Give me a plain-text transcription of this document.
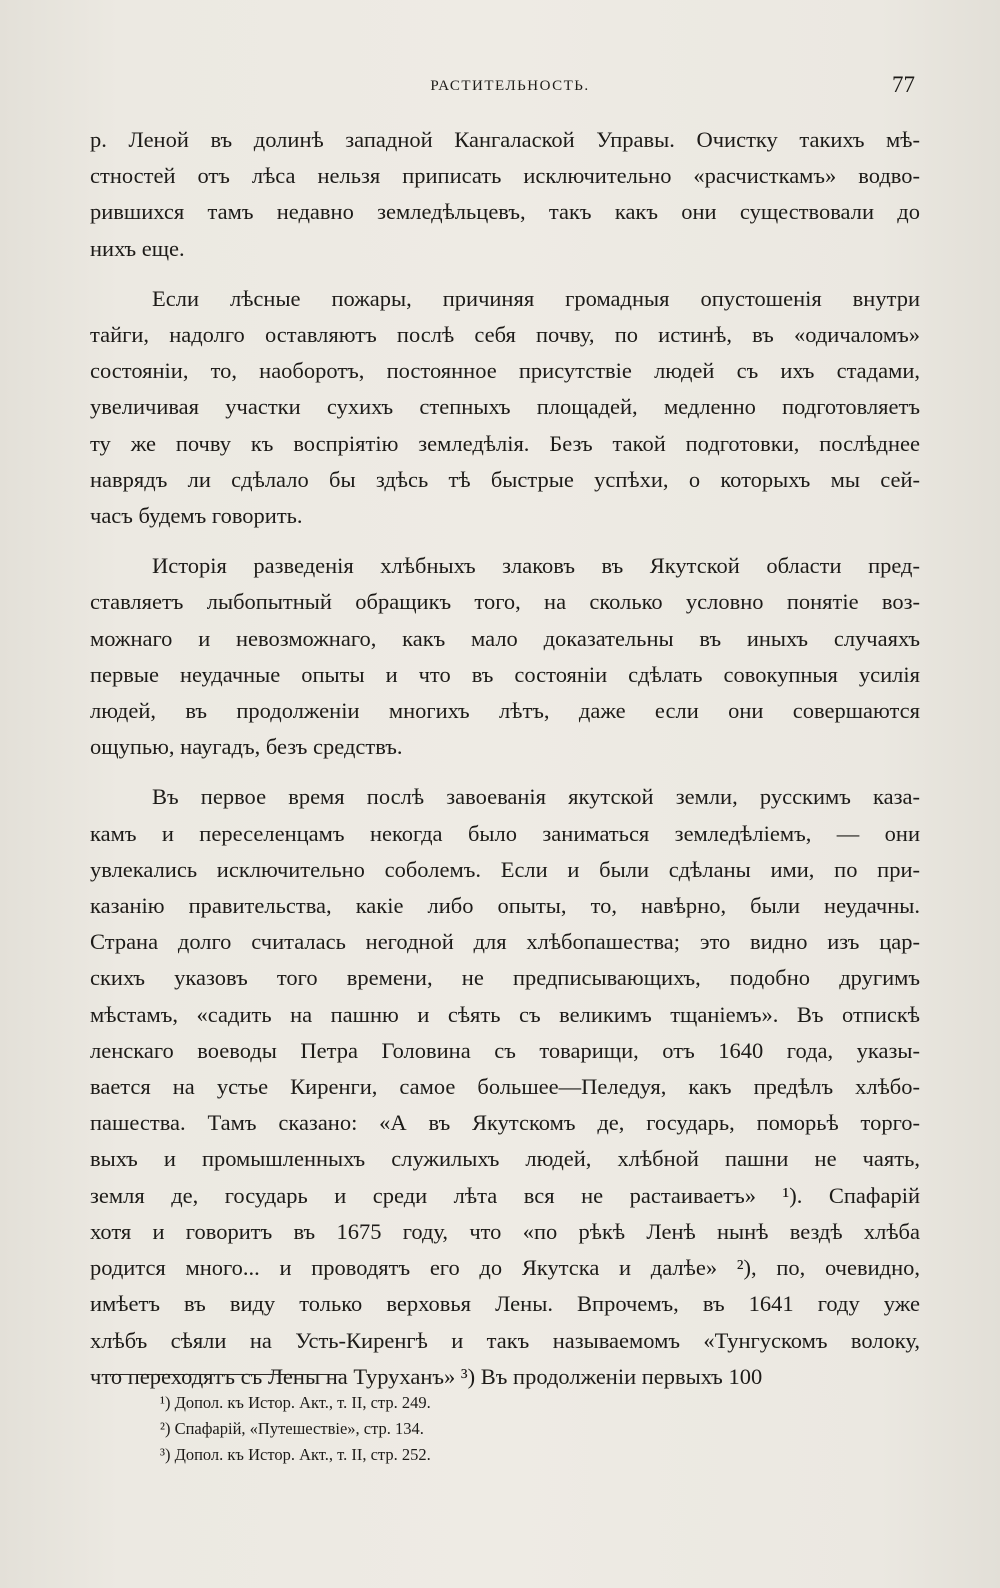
РАСТИТЕЛЬНОСТЬ.	77
р. Леной въ долинѣ западной Кангалаской Управы. Очистку такихъ мѣ-
стностей отъ лѣса нельзя приписать исключительно «расчисткамъ» водво-
рившихся тамъ недавно земледѣльцевъ, такъ какъ они существовали до
нихъ еще.
Если лѣсные пожары, причиняя громадныя опустошенія внутри
тайги, надолго оставляютъ послѣ себя почву, по истинѣ, въ «одичаломъ»
состояніи, то, наоборотъ, постоянное присутствіе людей съ ихъ стадами,
увеличивая участки сухихъ степныхъ площадей, медленно подготовляетъ
ту же почву къ воспріятію земледѣлія. Безъ такой подготовки, послѣднее
наврядъ ли сдѣлало бы здѣсь тѣ быстрые успѣхи, о которыхъ мы сей-
часъ будемъ говорить.
Исторія разведенія хлѣбныхъ злаковъ въ Якутской области пред-
ставляетъ лыбопытный обращикъ того, на сколько условно понятіе воз-
можнаго и невозможнаго, какъ мало доказательны въ иныхъ случаяхъ
первые неудачные опыты и что въ состояніи сдѣлать совокупныя усилія
людей, въ продолженіи многихъ лѣтъ, даже если они совершаются
ощупью, наугадъ, безъ средствъ.
Въ первое время послѣ завоеванія якутской земли, русскимъ каза-
камъ и переселенцамъ некогда было заниматься земледѣліемъ, — они
увлекались исключительно соболемъ. Если и были сдѣланы ими, по при-
казанію правительства, какіе либо опыты, то, навѣрно, были неудачны.
Страна долго считалась негодной для хлѣбопашества; это видно изъ цар-
скихъ указовъ того времени, не предписывающихъ, подобно другимъ
мѣстамъ, «садить на пашню и сѣять съ великимъ тщаніемъ». Въ отпискѣ
ленскаго воеводы Петра Головина съ товарищи, отъ 1640 года, указы-
вается на устье Киренги, самое большее—Пеледуя, какъ предѣлъ хлѣбо-
пашества. Тамъ сказано: «А въ Якутскомъ де, государь, поморьѣ торго-
выхъ и промышленныхъ служилыхъ людей, хлѣбной пашни не чаять,
земля де, государь и среди лѣта вся не растаиваетъ» ¹). Спафарій
хотя и говоритъ въ 1675 году, что «по рѣкѣ Ленѣ нынѣ вездѣ хлѣба
родится много... и проводятъ его до Якутска и далѣе» ²), по, очевидно,
имѣетъ въ виду только верховья Лены. Впрочемъ, въ 1641 году уже
хлѣбъ сѣяли на Усть-Киренгѣ и такъ называемомъ «Тунгускомъ волоку,
что переходятъ съ Лены на Туруханъ» ³) Въ продолженіи первыхъ 100
¹) Допол. къ Истор. Акт., т. II, стр. 249.
²) Спафарій, «Путешествіе», стр. 134.
³) Допол. къ Истор. Акт., т. II, стр. 252.
